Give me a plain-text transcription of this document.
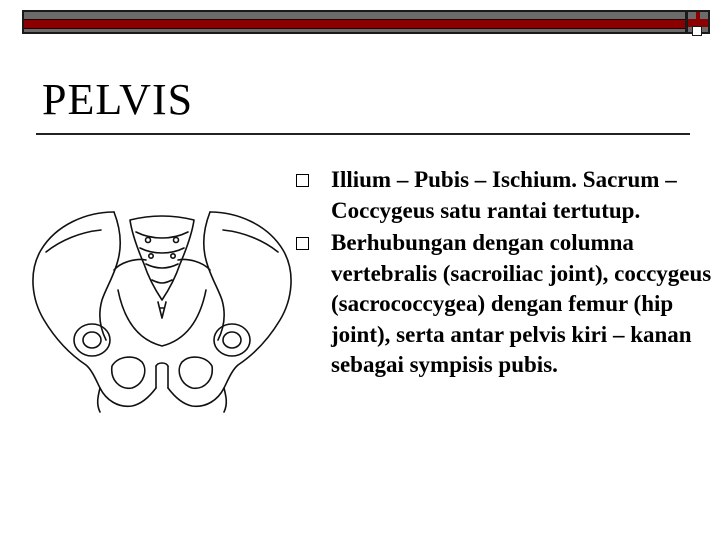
PELVIS
Illium – Pubis – Ischium. Sacrum – Coccygeus satu rantai tertutup.
Berhubungan dengan columna vertebralis (sacroiliac joint), coccygeus (sacrococcygea) dengan femur (hip joint), serta antar pelvis kiri – kanan sebagai sympisis pubis.
